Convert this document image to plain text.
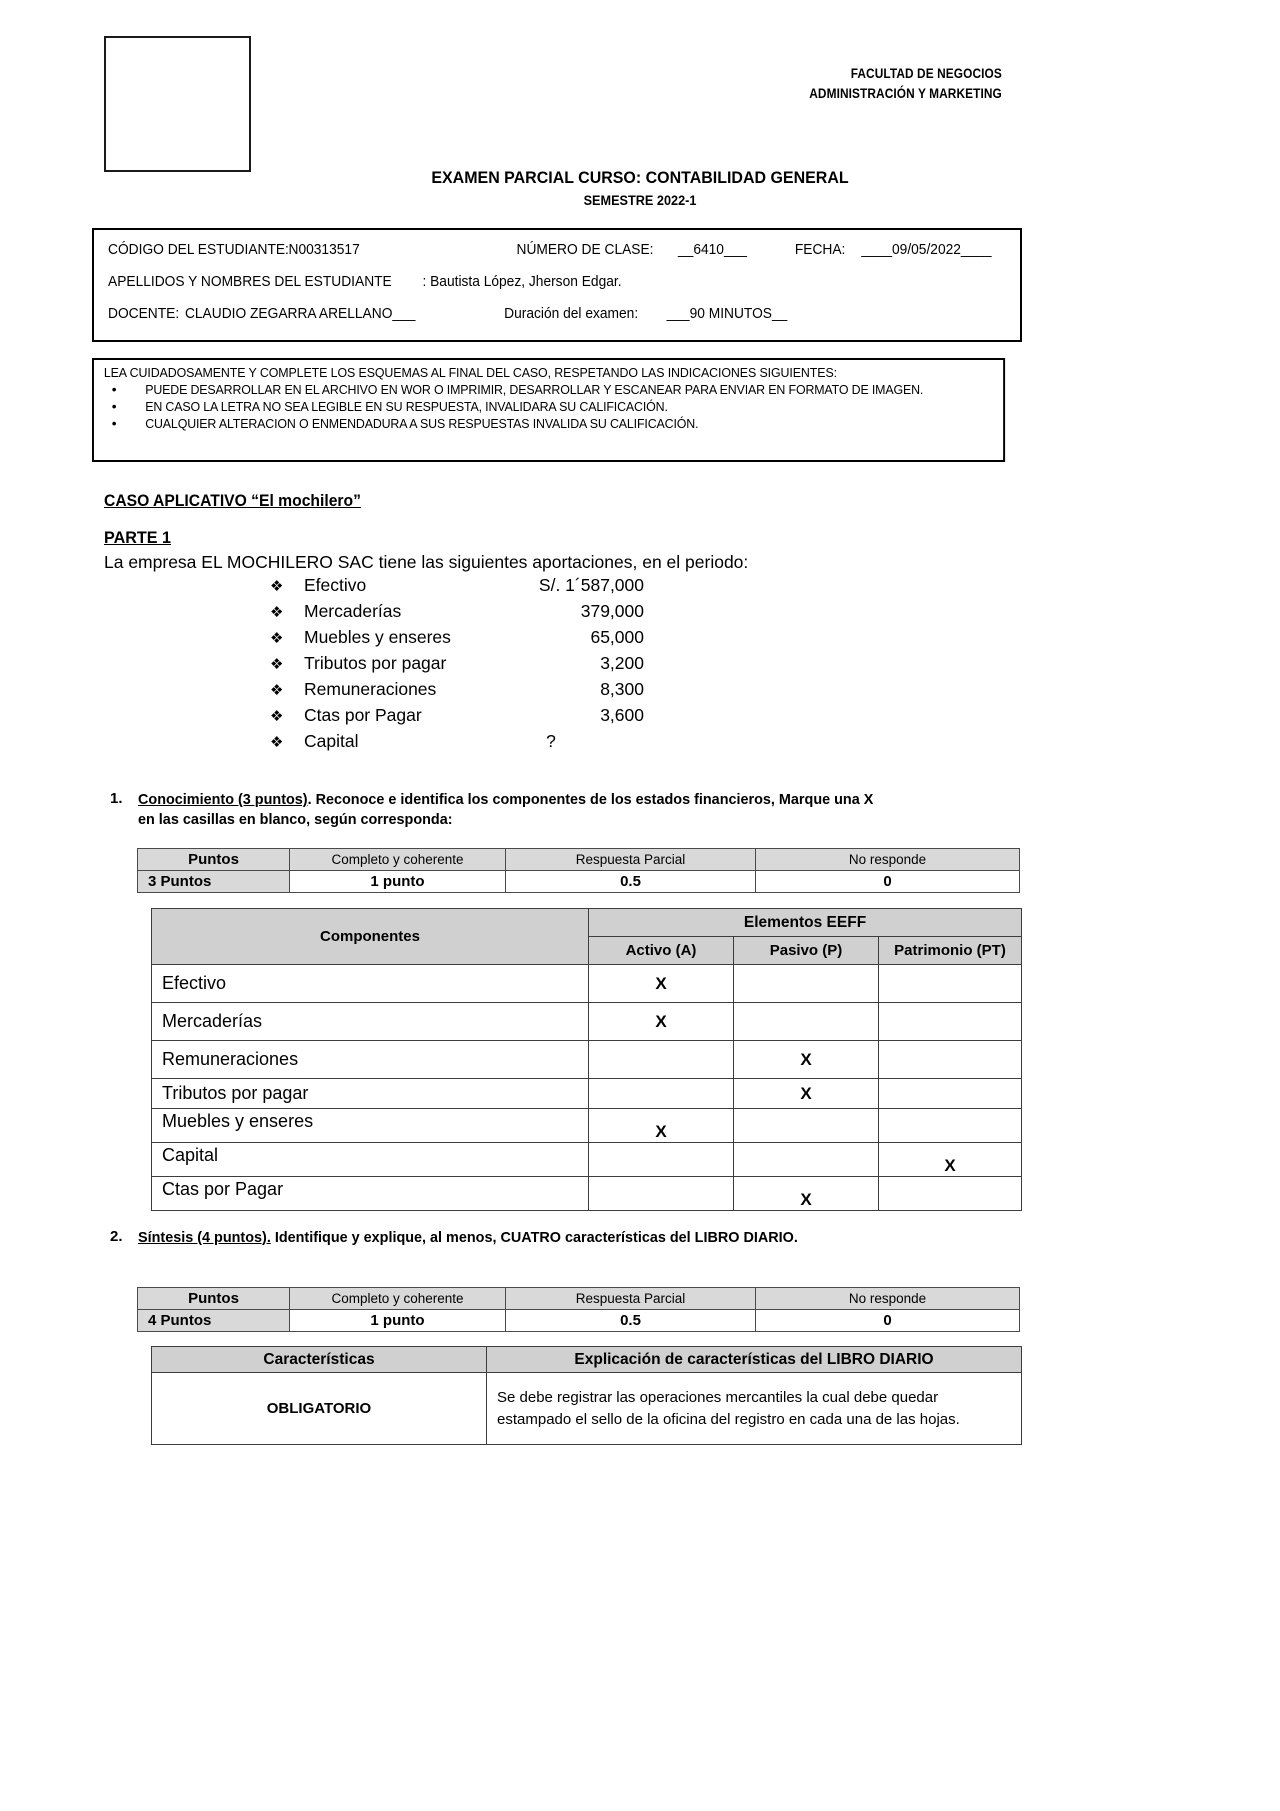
FACULTAD DE NEGOCIOS
ADMINISTRACIÓN Y MARKETING
EXAMEN PARCIAL CURSO: CONTABILIDAD GENERAL
SEMESTRE 2022-1
CÓDIGO DEL ESTUDIANTE: N00313517	NÚMERO DE CLASE: __6410___	FECHA: ____09/05/2022____
APELLIDOS Y NOMBRES DEL ESTUDIANTE : Bautista López, Jherson Edgar.
DOCENTE: CLAUDIO ZEGARRA ARELLANO___	Duración del examen: ___90 MINUTOS__
LEA CUIDADOSAMENTE Y COMPLETE LOS ESQUEMAS AL FINAL DEL CASO, RESPETANDO LAS INDICACIONES SIGUIENTES:
• PUEDE DESARROLLAR EN EL ARCHIVO EN WOR O IMPRIMIR, DESARROLLAR Y ESCANEAR PARA ENVIAR EN FORMATO DE IMAGEN.
• EN CASO LA LETRA NO SEA LEGIBLE EN SU RESPUESTA, INVALIDARA SU CALIFICACIÓN.
• CUALQUIER ALTERACION O ENMENDADURA A SUS RESPUESTAS INVALIDA SU CALIFICACIÓN.
CASO APLICATIVO “El mochilero”
PARTE 1
La empresa EL MOCHILERO SAC tiene las siguientes aportaciones, en el periodo:
❖	Efectivo	S/. 1´587,000
❖	Mercaderías	379,000
❖	Muebles y enseres	65,000
❖	Tributos por pagar	3,200
❖	Remuneraciones	8,300
❖	Ctas por Pagar	3,600
❖	Capital	?
1. Conocimiento (3 puntos). Reconoce e identifica los componentes de los estados financieros, Marque una X
en las casillas en blanco, según corresponda:
Puntos	Completo y coherente	Respuesta Parcial	No responde
3 Puntos	1 punto	0.5	0
Componentes	Elementos EEFF		
	Activo (A)	Pasivo (P)	Patrimonio (PT)
Efectivo	X		
Mercaderías	X		
Remuneraciones		X	
Tributos por pagar		X	
Muebles y enseres	X		
Capital			X
Ctas por Pagar		X	
2. Síntesis (4 puntos). Identifique y explique, al menos, CUATRO características del LIBRO DIARIO.
Puntos	Completo y coherente	Respuesta Parcial	No responde
4 Puntos	1 punto	0.5	0
Características	Explicación de características del LIBRO DIARIO
OBLIGATORIO	Se debe registrar las operaciones mercantiles la cual debe quedar estampado el sello de la oficina del registro en cada una de las hojas.
